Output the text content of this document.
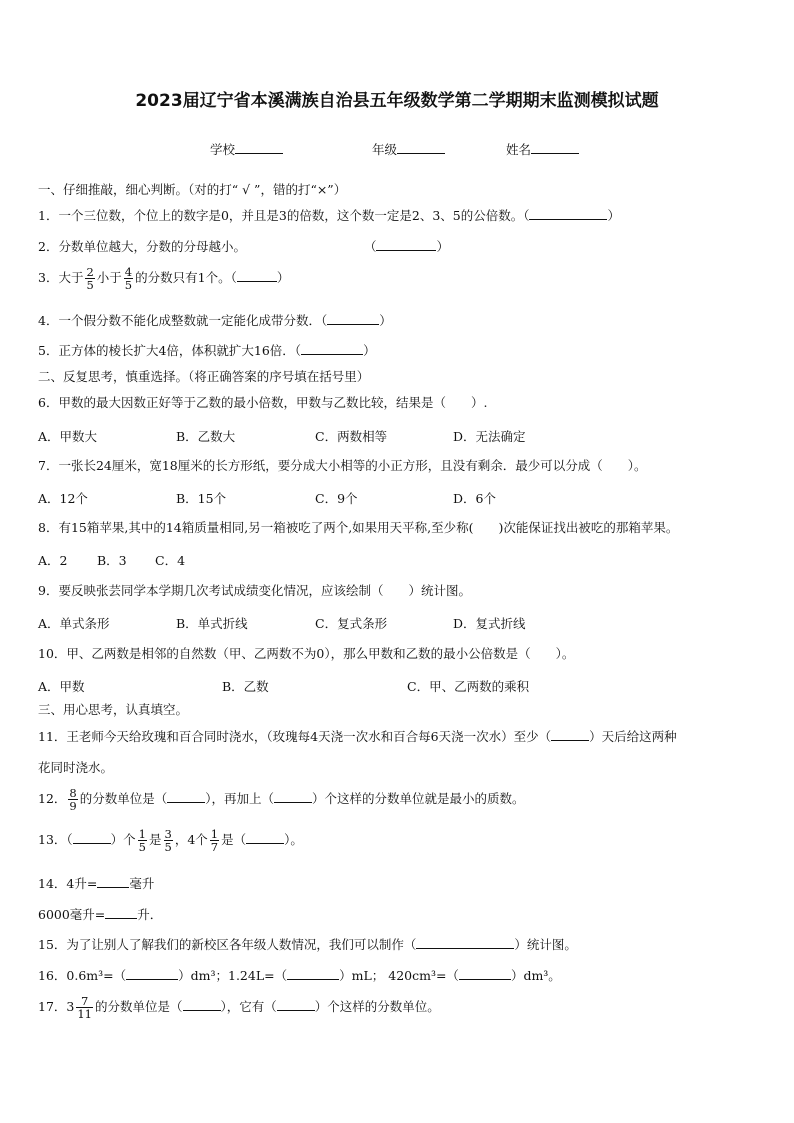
2023届辽宁省本溪满族自治县五年级数学第二学期期末监测模拟试题
学校	年级	姓名
一、仔细推敲，细心判断。（对的打“ √ ”，错的打“×”）
1．一个三位数，个位上的数字是0，并且是3的倍数，这个数一定是2、3、5的公倍数。（	）
2．分数单位越大，分数的分母越小。	（	）
3．大于 $\frac{2}{5}$ 小于 $\frac{4}{5}$ 的分数只有1个。（	）
4．一个假分数不能化成整数就一定能化成带分数．（	）
5．正方体的棱长扩大4倍，体积就扩大16倍．（	）
二、反复思考，慎重选择。（将正确答案的序号填在括号里）
6．甲数的最大因数正好等于乙数的最小倍数，甲数与乙数比较，结果是（　　）.
A．甲数大	B．乙数大	C．两数相等	D．无法确定
7．一张长24厘米，宽18厘米的长方形纸，要分成大小相等的小正方形，且没有剩余．最少可以分成（　　）。
A．12个	B．15个	C．9个	D．6个
8．有15箱苹果,其中的14箱质量相同,另一箱被吃了两个,如果用天平称,至少称(　　)次能保证找出被吃的那箱苹果。
A．2 B．3 C．4
9．要反映张芸同学本学期几次考试成绩变化情况，应该绘制（　　）统计图。
A．单式条形	B．单式折线	C．复式条形	D．复式折线
10．甲、乙两数是相邻的自然数（甲、乙两数不为0），那么甲数和乙数的最小公倍数是（　　）。
A．甲数	B．乙数	C．甲、乙两数的乘积
三、用心思考，认真填空。
11．王老师今天给玫瑰和百合同时浇水，（玫瑰每4天浇一次水和百合每6天浇一次水）至少（	）天后给这两种
花同时浇水。
12． $\frac{8}{9}$ 的分数单位是（	），再加上（	）个这样的分数单位就是最小的质数。
13．（	）个 $\frac{1}{5}$ 是 $\frac{3}{5}$ ，4个 $\frac{1}{7}$ 是（	）。
14．4升=	毫升
6000毫升=	升．
15．为了让别人了解我们的新校区各年级人数情况，我们可以制作（	）统计图。
16．0.6m³=（	）dm³；1.24L=（	）mL； 420cm³=（	）dm³。
17．$3 \frac{7}{11}$ 的分数单位是（	），它有（	）个这样的分数单位。
